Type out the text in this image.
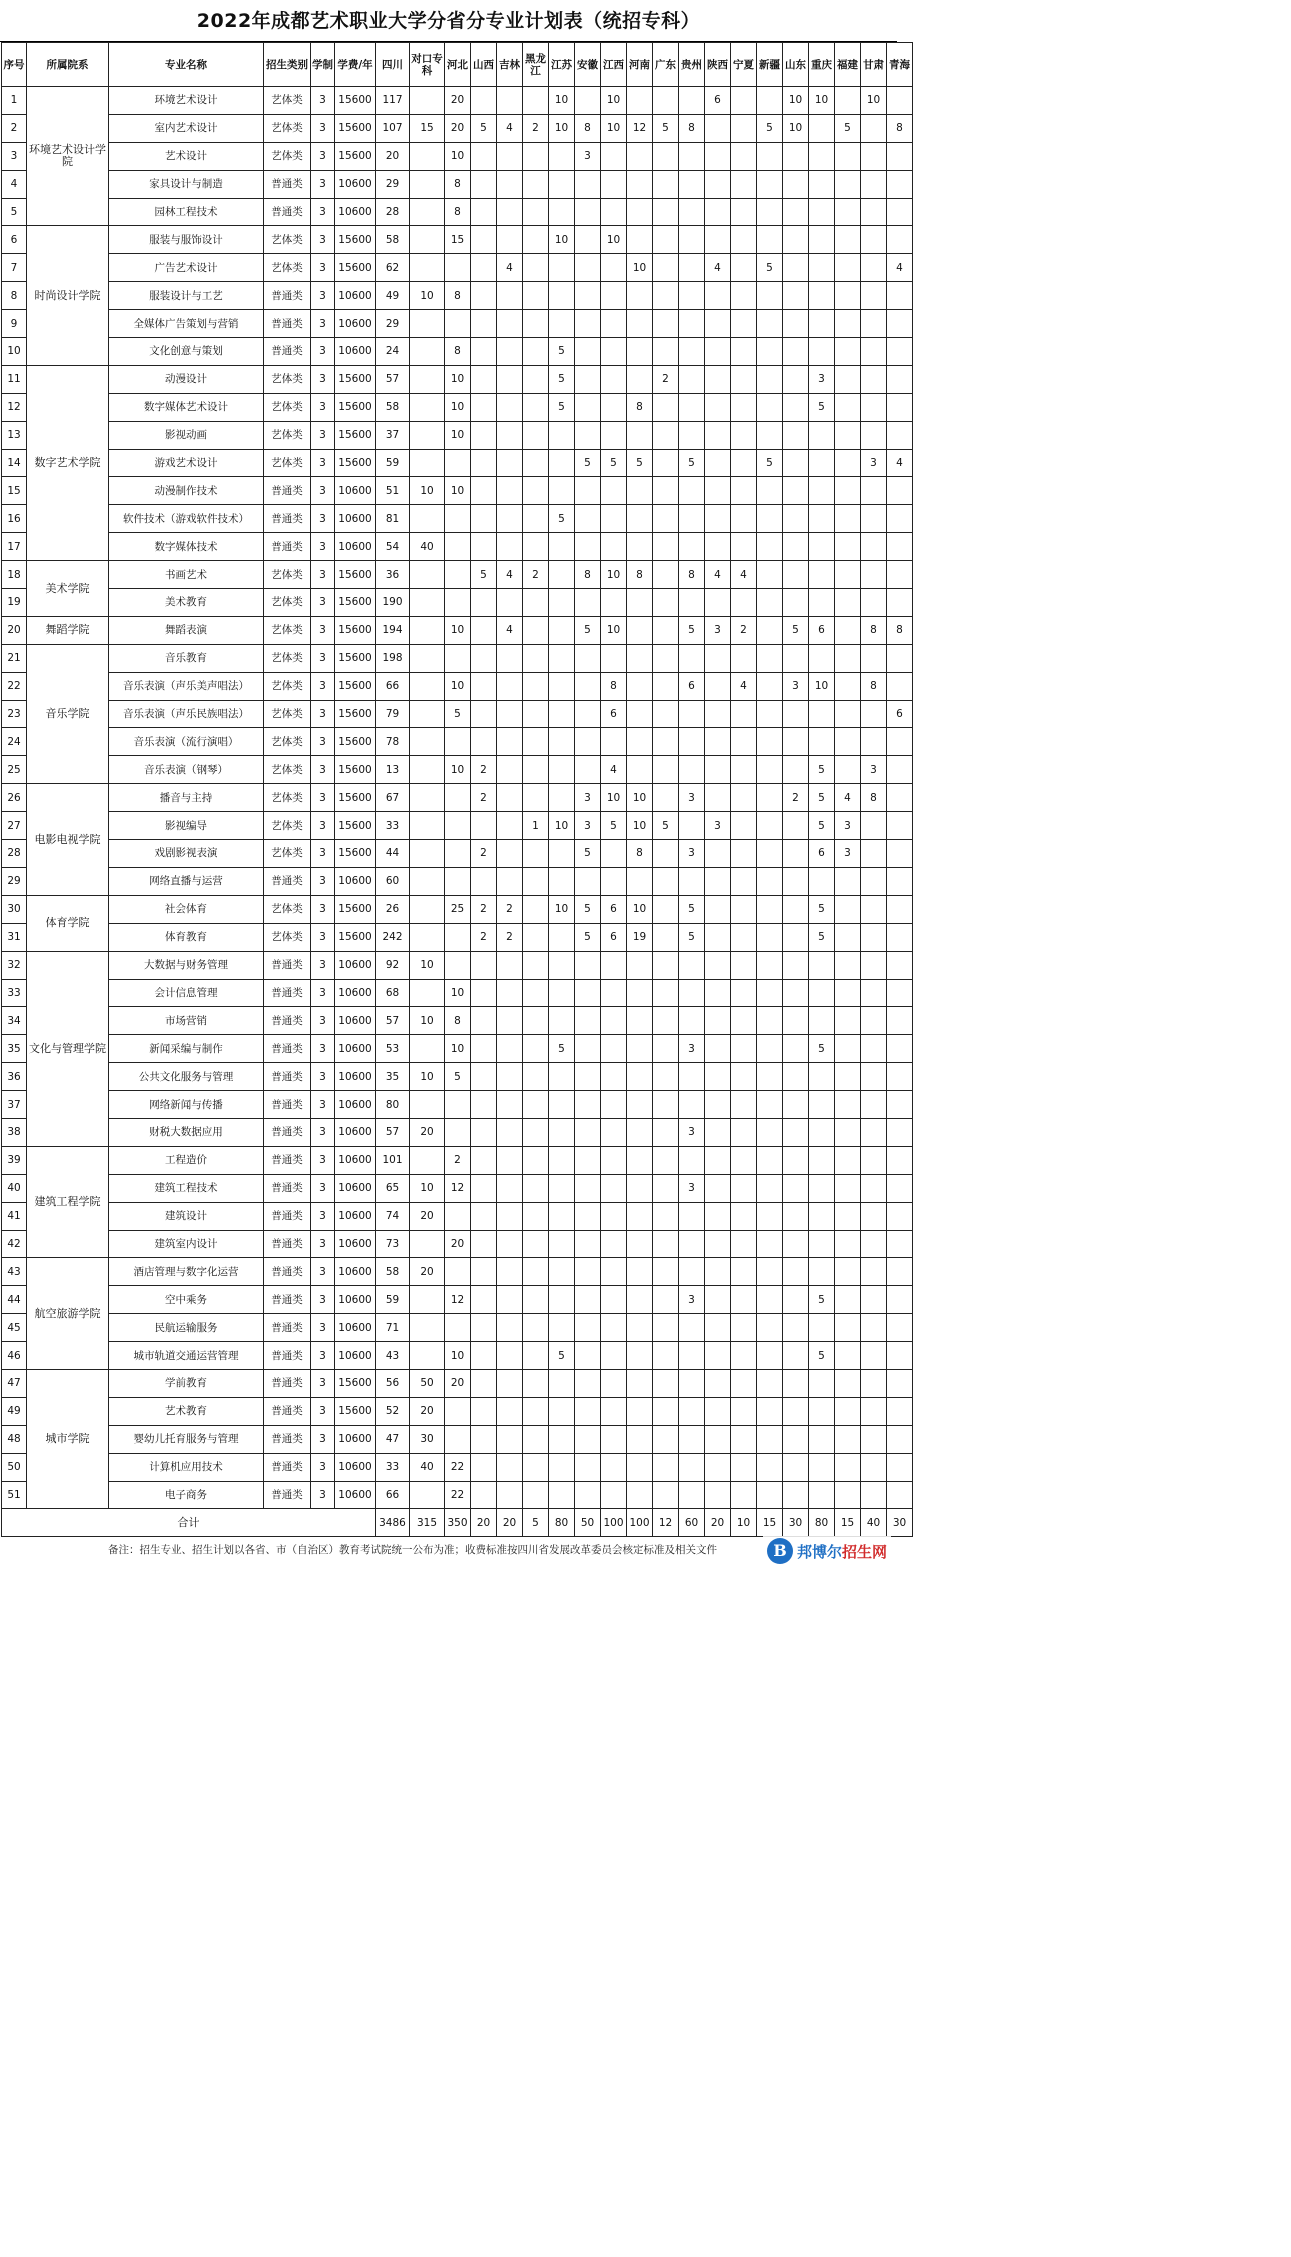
2022年成都艺术职业大学分省分专业计划表（统招专科）
序号	所属院系	专业名称	招生类别	学制	学费/年	四川	对口专科	河北	山西	吉林	黑龙江	江苏	安徽	江西	河南	广东	贵州	陕西	宁夏	新疆	山东	重庆	福建	甘肃	青海
1	环境艺术设计学院	环境艺术设计	艺体类	3	15600	117		20				10		10				6			10	10		10	
2		室内艺术设计	艺体类	3	15600	107	15	20	5	4	2	10	8	10	12	5	8			5	10		5		8
3		艺术设计	艺体类	3	15600	20		10					3												
4		家具设计与制造	普通类	3	10600	29		8																	
5		园林工程技术	普通类	3	10600	28		8																	
6	时尚设计学院	服装与服饰设计	艺体类	3	15600	58		15				10		10											
7		广告艺术设计	艺体类	3	15600	62				4					10			4		5					4
8		服装设计与工艺	普通类	3	10600	49	10	8																	
9		全媒体广告策划与营销	普通类	3	10600	29																			
10		文化创意与策划	普通类	3	10600	24		8				5													
11	数字艺术学院	动漫设计	艺体类	3	15600	57		10				5				2						3			
12		数字媒体艺术设计	艺体类	3	15600	58		10				5			8							5			
13		影视动画	艺体类	3	15600	37		10																	
14		游戏艺术设计	艺体类	3	15600	59							5	5	5		5			5				3	4
15		动漫制作技术	普通类	3	10600	51	10	10																	
16		软件技术（游戏软件技术）	普通类	3	10600	81						5													
17		数字媒体技术	普通类	3	10600	54	40																		
18	美术学院	书画艺术	艺体类	3	15600	36			5	4	2		8	10	8		8	4	4						
19		美术教育	艺体类	3	15600	190																			
20	舞蹈学院	舞蹈表演	艺体类	3	15600	194		10		4			5	10			5	3	2		5	6		8	8
21	音乐学院	音乐教育	艺体类	3	15600	198																			
22		音乐表演（声乐美声唱法）	艺体类	3	15600	66		10						8			6		4		3	10		8	
23		音乐表演（声乐民族唱法）	艺体类	3	15600	79		5						6											6
24		音乐表演（流行演唱）	艺体类	3	15600	78																			
25		音乐表演（钢琴）	艺体类	3	15600	13		10	2					4								5		3	
26	电影电视学院	播音与主持	艺体类	3	15600	67			2				3	10	10		3				2	5	4	8	
27		影视编导	艺体类	3	15600	33					1	10	3	5	10	5		3				5	3		
28		戏剧影视表演	艺体类	3	15600	44			2				5		8		3					6	3		
29		网络直播与运营	普通类	3	10600	60																			
30	体育学院	社会体育	艺体类	3	15600	26		25	2	2		10	5	6	10		5					5			
31		体育教育	艺体类	3	15600	242			2	2			5	6	19		5					5			
32	文化与管理学院	大数据与财务管理	普通类	3	10600	92	10																		
33		会计信息管理	普通类	3	10600	68		10																	
34		市场营销	普通类	3	10600	57	10	8																	
35		新闻采编与制作	普通类	3	10600	53		10				5					3					5			
36		公共文化服务与管理	普通类	3	10600	35	10	5																	
37		网络新闻与传播	普通类	3	10600	80																			
38		财税大数据应用	普通类	3	10600	57	20										3								
39	建筑工程学院	工程造价	普通类	3	10600	101		2																	
40		建筑工程技术	普通类	3	10600	65	10	12									3								
41		建筑设计	普通类	3	10600	74	20																		
42		建筑室内设计	普通类	3	10600	73		20																	
43	航空旅游学院	酒店管理与数字化运营	普通类	3	10600	58	20																		
44		空中乘务	普通类	3	10600	59		12									3					5			
45		民航运输服务	普通类	3	10600	71																			
46		城市轨道交通运营管理	普通类	3	10600	43		10				5										5			
47	城市学院	学前教育	普通类	3	15600	56	50	20																	
49		艺术教育	普通类	3	15600	52	20																		
48		婴幼儿托育服务与管理	普通类	3	10600	47	30																		
50		计算机应用技术	普通类	3	10600	33	40	22																	
51		电子商务	普通类	3	10600	66		22																	
合计						3486	315	350	20	20	5	80	50	100	100	12	60	20	10	15	30	80	15	40	30
备注：招生专业、招生计划以各省、市（自治区）教育考试院统一公布为准；收费标准按四川省发展改革委员会核定标准及相关文件	B 邦博尔招生网
